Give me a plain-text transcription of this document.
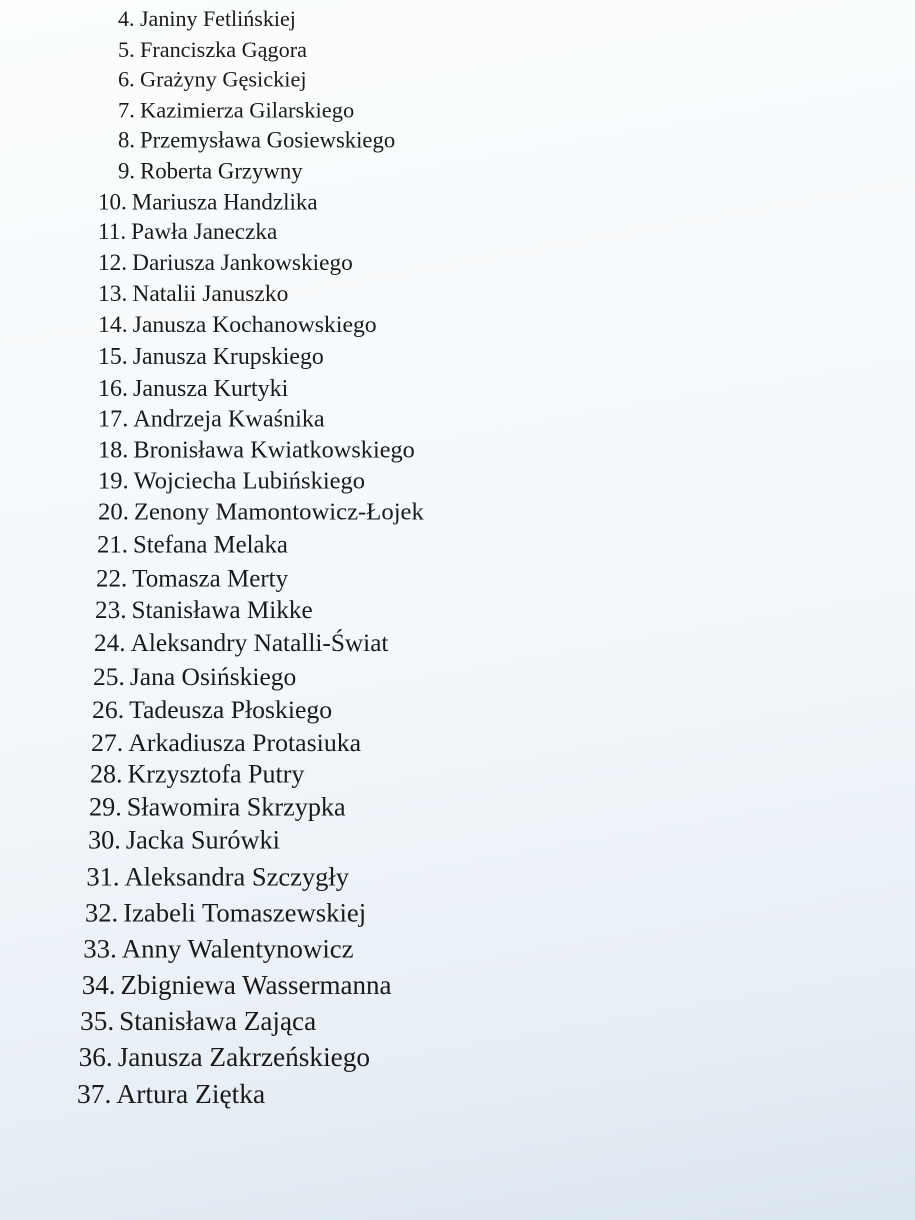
4. Janiny Fetlińskiej
5. Franciszka Gągora
6. Grażyny Gęsickiej
7. Kazimierza Gilarskiego
8. Przemysława Gosiewskiego
9. Roberta Grzywny
10. Mariusza Handzlika
11. Pawła Janeczka
12. Dariusza Jankowskiego
13. Natalii Januszko
14. Janusza Kochanowskiego
15. Janusza Krupskiego
16. Janusza Kurtyki
17. Andrzeja Kwaśnika
18. Bronisława Kwiatkowskiego
19. Wojciecha Lubińskiego
20. Zenony Mamontowicz-Łojek
21. Stefana Melaka
22. Tomasza Merty
23. Stanisława Mikke
24. Aleksandry Natalli-Świat
25. Jana Osińskiego
26. Tadeusza Płoskiego
27. Arkadiusza Protasiuka
28. Krzysztofa Putry
29. Sławomira Skrzypka
30. Jacka Surówki
31. Aleksandra Szczygły
32. Izabeli Tomaszewskiej
33. Anny Walentynowicz
34. Zbigniewa Wassermanna
35. Stanisława Zająca
36. Janusza Zakrzeńskiego
37. Artura Ziętka
